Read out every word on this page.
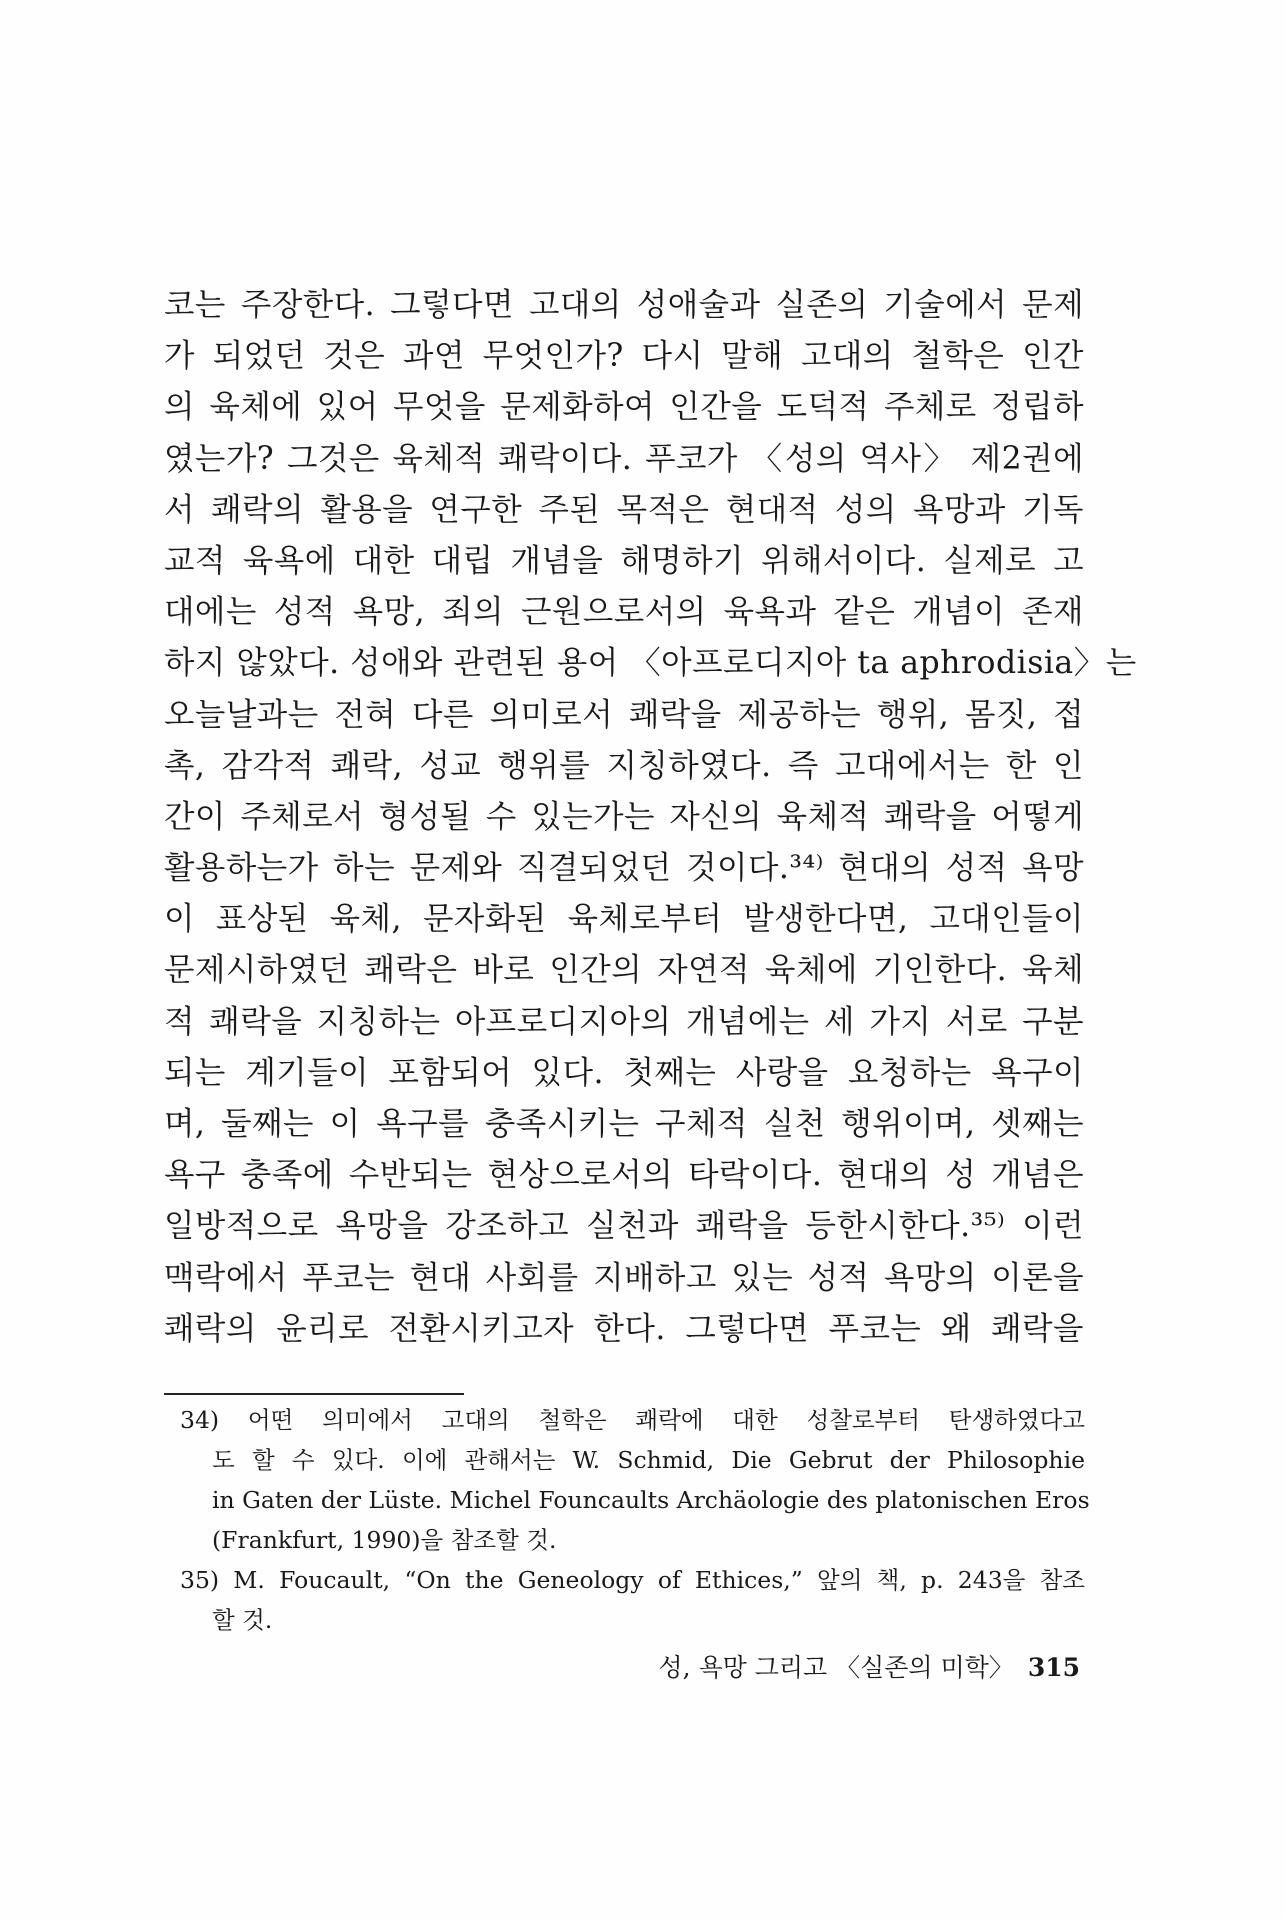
코는 주장한다. 그렇다면 고대의 성애술과 실존의 기술에서 문제
가 되었던 것은 과연 무엇인가? 다시 말해 고대의 철학은 인간
의 육체에 있어 무엇을 문제화하여 인간을 도덕적 주체로 정립하
였는가? 그것은 육체적 쾌락이다. 푸코가 〈성의 역사〉 제2권에
서 쾌락의 활용을 연구한 주된 목적은 현대적 성의 욕망과 기독
교적 육욕에 대한 대립 개념을 해명하기 위해서이다. 실제로 고
대에는 성적 욕망, 죄의 근원으로서의 육욕과 같은 개념이 존재
하지 않았다. 성애와 관련된 용어 〈아프로디지아 ta aphrodisia〉는
오늘날과는 전혀 다른 의미로서 쾌락을 제공하는 행위, 몸짓, 접
촉, 감각적 쾌락, 성교 행위를 지칭하였다. 즉 고대에서는 한 인
간이 주체로서 형성될 수 있는가는 자신의 육체적 쾌락을 어떻게
활용하는가 하는 문제와 직결되었던 것이다.³⁴⁾ 현대의 성적 욕망
이 표상된 육체, 문자화된 육체로부터 발생한다면, 고대인들이
문제시하였던 쾌락은 바로 인간의 자연적 육체에 기인한다. 육체
적 쾌락을 지칭하는 아프로디지아의 개념에는 세 가지 서로 구분
되는 계기들이 포함되어 있다. 첫째는 사랑을 요청하는 욕구이
며, 둘째는 이 욕구를 충족시키는 구체적 실천 행위이며, 셋째는
욕구 충족에 수반되는 현상으로서의 타락이다. 현대의 성 개념은
일방적으로 욕망을 강조하고 실천과 쾌락을 등한시한다.³⁵⁾ 이런
맥락에서 푸코는 현대 사회를 지배하고 있는 성적 욕망의 이론을
쾌락의 윤리로 전환시키고자 한다. 그렇다면 푸코는 왜 쾌락을
34) 어떤 의미에서 고대의 철학은 쾌락에 대한 성찰로부터 탄생하였다고
도 할 수 있다. 이에 관해서는 W. Schmid, Die Gebrut der Philosophie
in Gaten der Lüste. Michel Founcaults Archäologie des platonischen Eros
(Frankfurt, 1990)을 참조할 것.
35) M. Foucault, “On the Geneology of Ethices,” 앞의 책, p. 243을 참조
할 것.
성, 욕망 그리고 〈실존의 미학〉 315
